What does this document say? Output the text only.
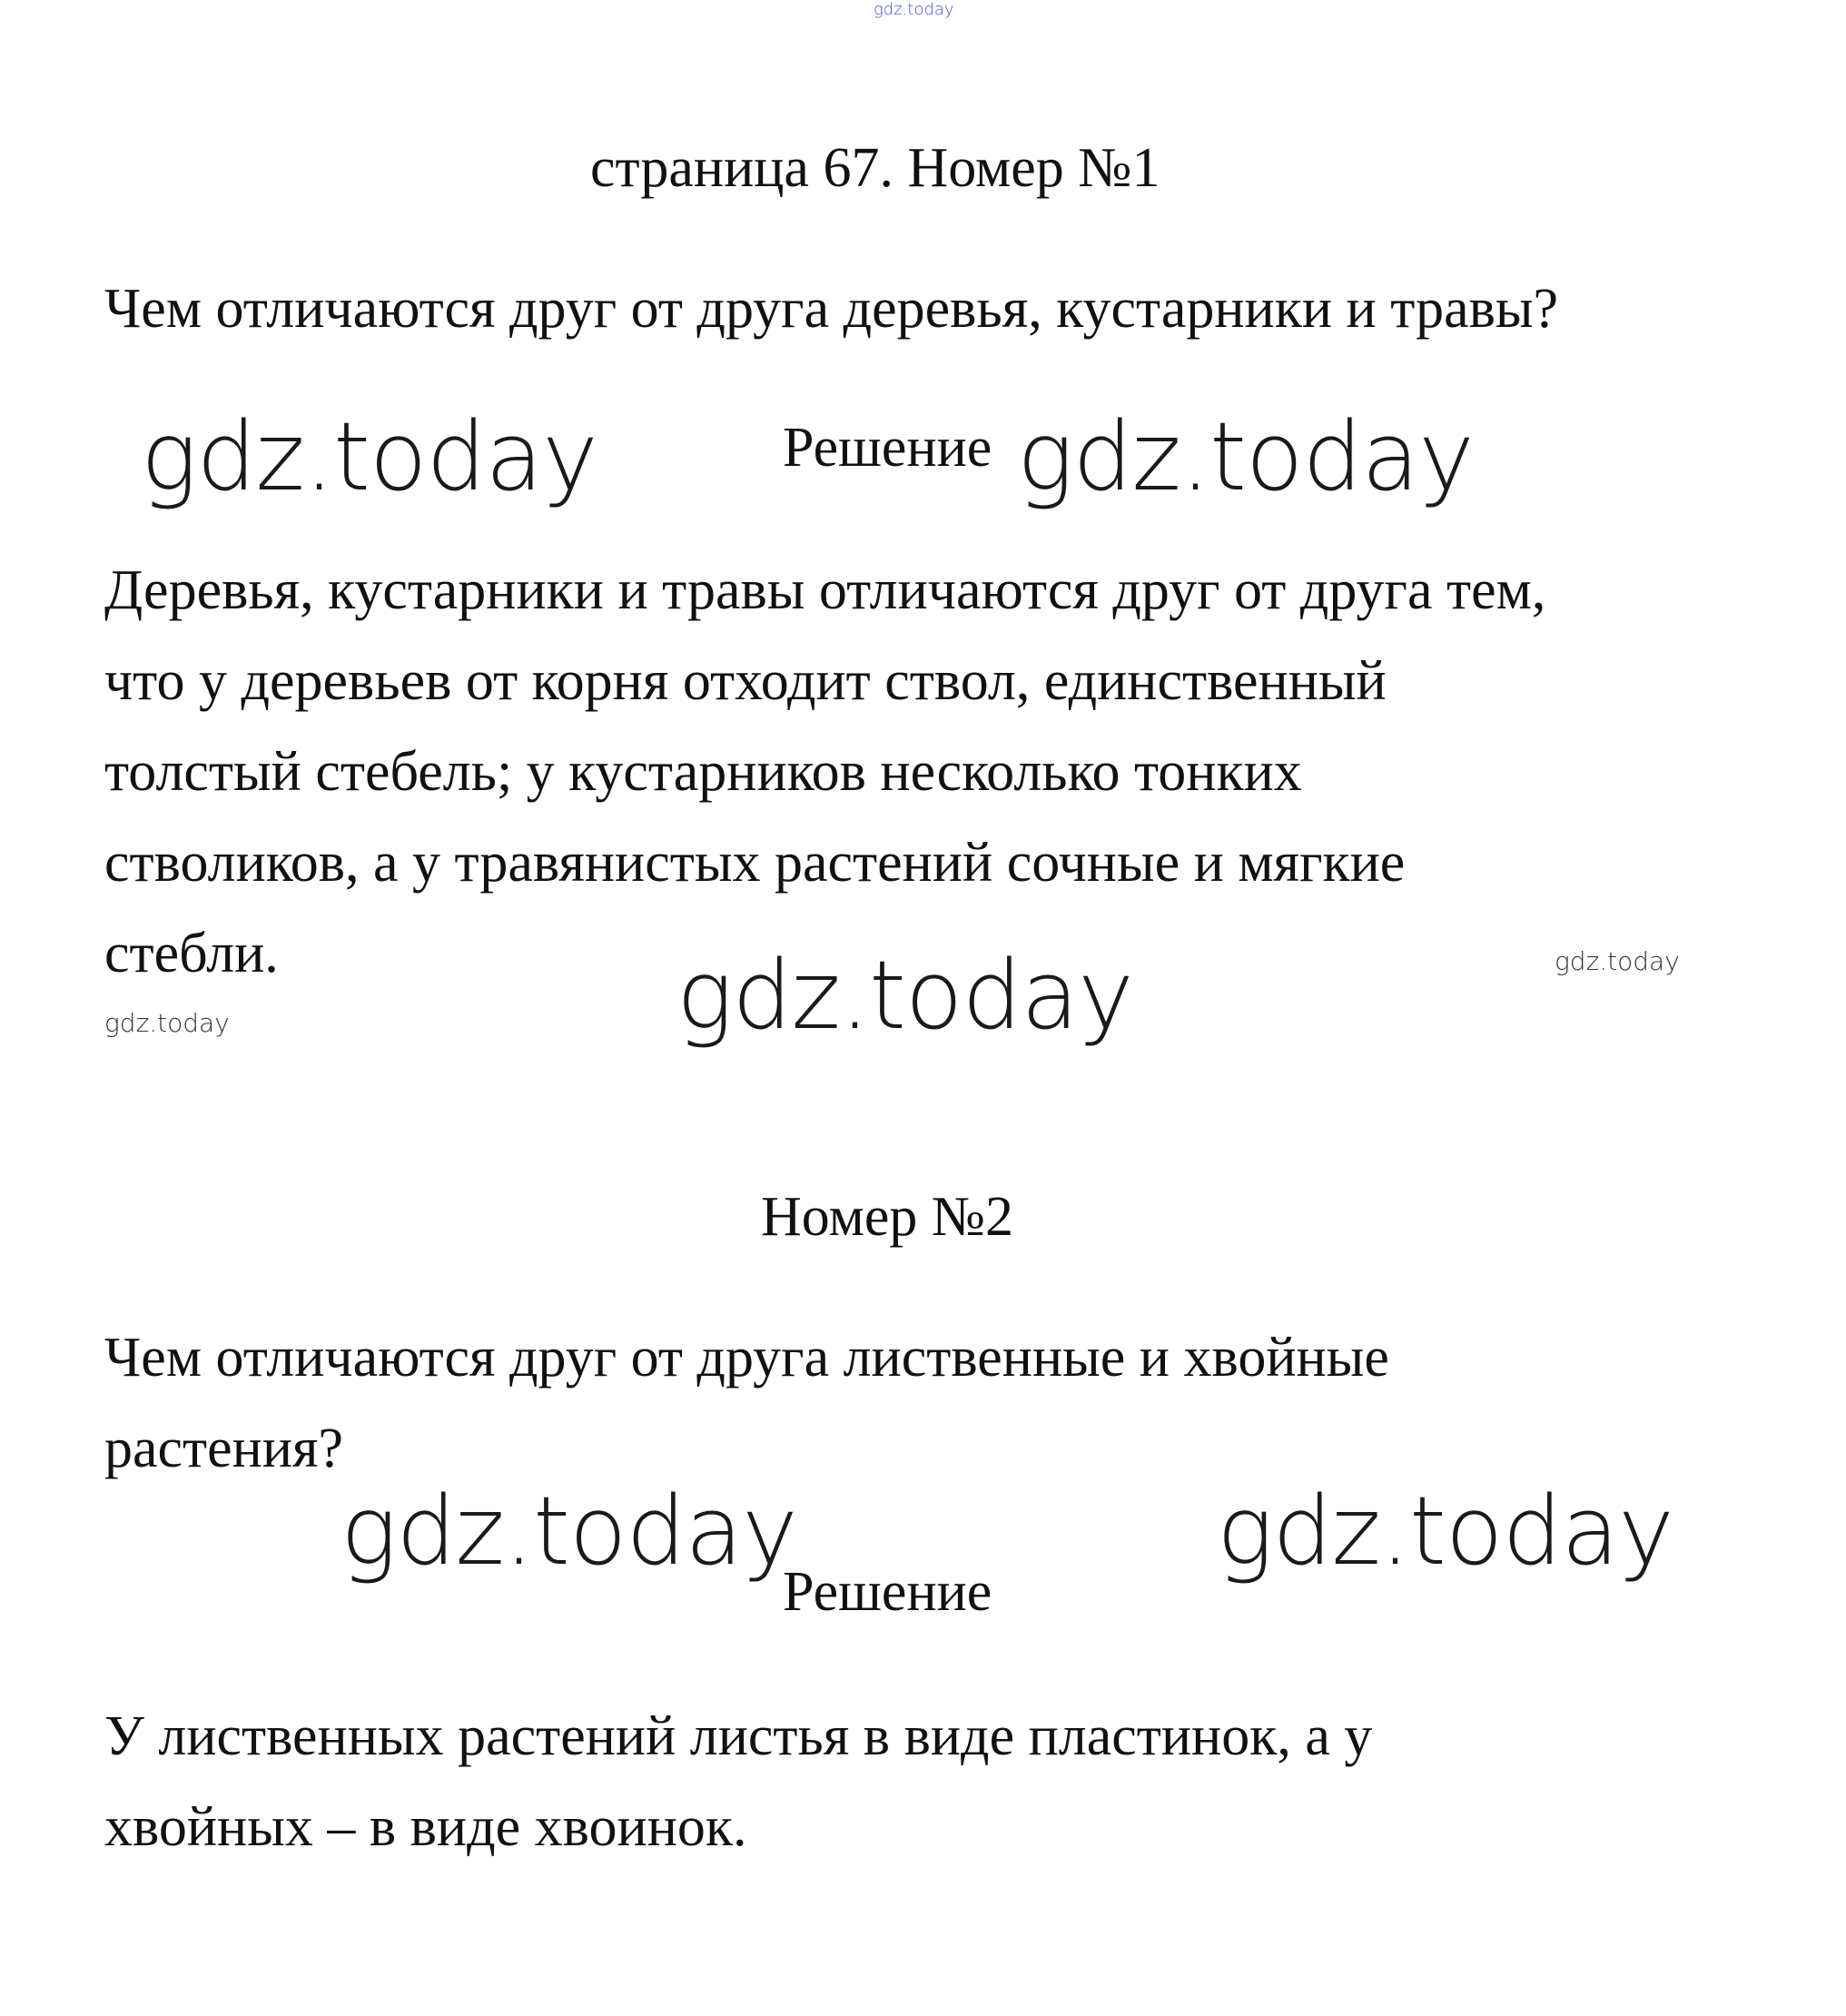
gdz.today
страница 67. Номер №1
Чем отличаются друг от друга деревья, кустарники и травы?
gdz.today	Решение gdz.today
Деревья, кустарники и травы отличаются друг от друга тем,
что у деревьев от корня отходит ствол, единственный
толстый стебель; у кустарников несколько тонких
стволиков, а у травянистых растений сочные и мягкие
стебли.	gdz.today
gdz.today
gdz.today
Номер №2
Чем отличаются друг от друга лиственные и хвойные
растения?
gdz.today
Решение
gdz.today
У лиственных растений листья в виде пластинок, а у
хвойных – в виде хвоинок.
